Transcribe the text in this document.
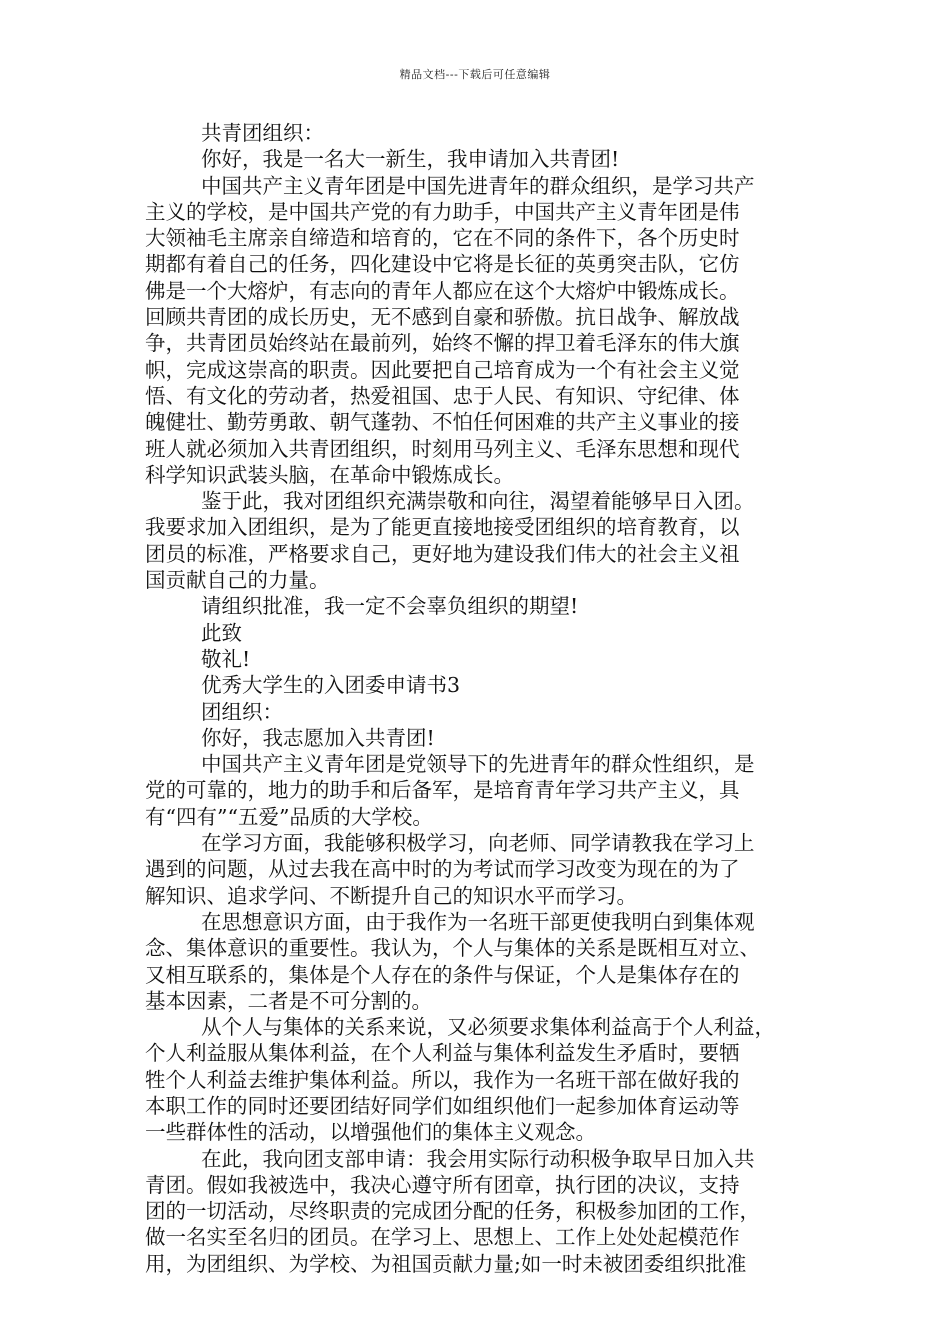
精品文档---下载后可任意编辑
共青团组织：
你好，我是一名大一新生，我申请加入共青团!
中国共产主义青年团是中国先进青年的群众组织，是学习共产
主义的学校，是中国共产党的有力助手，中国共产主义青年团是伟
大领袖毛主席亲自缔造和培育的，它在不同的条件下，各个历史时
期都有着自己的任务，四化建设中它将是长征的英勇突击队，它仿
佛是一个大熔炉，有志向的青年人都应在这个大熔炉中锻炼成长。
回顾共青团的成长历史，无不感到自豪和骄傲。抗日战争、解放战
争，共青团员始终站在最前列，始终不懈的捍卫着毛泽东的伟大旗
帜，完成这崇高的职责。因此要把自己培育成为一个有社会主义觉
悟、有文化的劳动者，热爱祖国、忠于人民、有知识、守纪律、体
魄健壮、勤劳勇敢、朝气蓬勃、不怕任何困难的共产主义事业的接
班人就必须加入共青团组织，时刻用马列主义、毛泽东思想和现代
科学知识武装头脑，在革命中锻炼成长。
鉴于此，我对团组织充满崇敬和向往，渴望着能够早日入团。
我要求加入团组织，是为了能更直接地接受团组织的培育教育，以
团员的标准，严格要求自己，更好地为建设我们伟大的社会主义祖
国贡献自己的力量。
请组织批准，我一定不会辜负组织的期望!
此致
敬礼!
优秀大学生的入团委申请书3
团组织：
你好，我志愿加入共青团!
中国共产主义青年团是党领导下的先进青年的群众性组织，是
党的可靠的，地力的助手和后备军，是培育青年学习共产主义，具
有“四有”“五爱”品质的大学校。
在学习方面，我能够积极学习，向老师、同学请教我在学习上
遇到的问题，从过去我在高中时的为考试而学习改变为现在的为了
解知识、追求学问、不断提升自己的知识水平而学习。
在思想意识方面，由于我作为一名班干部更使我明白到集体观
念、集体意识的重要性。我认为，个人与集体的关系是既相互对立、
又相互联系的，集体是个人存在的条件与保证，个人是集体存在的
基本因素，二者是不可分割的。
从个人与集体的关系来说，又必须要求集体利益高于个人利益，
个人利益服从集体利益，在个人利益与集体利益发生矛盾时，要牺
牲个人利益去维护集体利益。所以，我作为一名班干部在做好我的
本职工作的同时还要团结好同学们如组织他们一起参加体育运动等
一些群体性的活动，以增强他们的集体主义观念。
在此，我向团支部申请：我会用实际行动积极争取早日加入共
青团。假如我被选中，我决心遵守所有团章，执行团的决议，支持
团的一切活动，尽终职责的完成团分配的任务，积极参加团的工作，
做一名实至名归的团员。在学习上、思想上、工作上处处起模范作
用，为团组织、为学校、为祖国贡献力量;如一时未被团委组织批准
